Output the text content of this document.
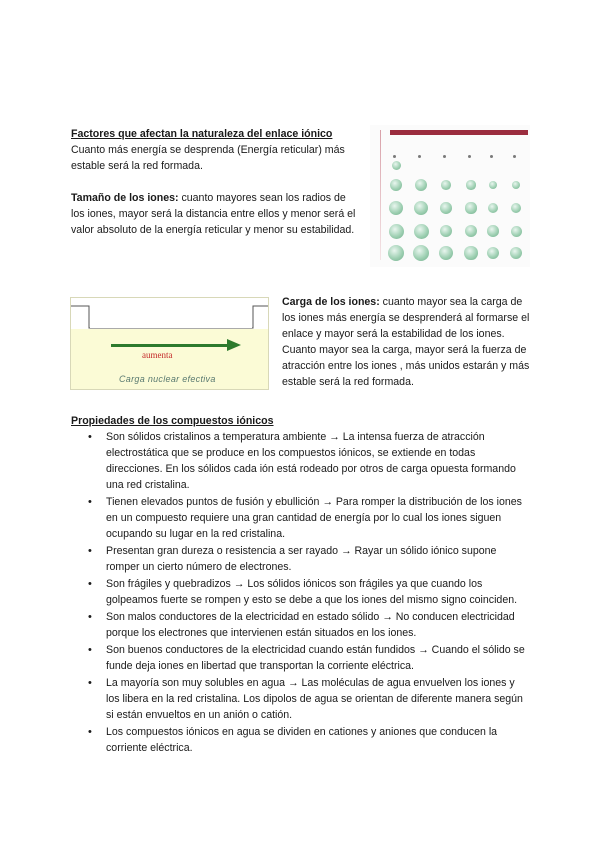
Factores que afectan la naturaleza del enlace iónico

Cuanto más energía se desprenda (Energía reticular) más estable será la red formada.

Tamaño de los iones: cuanto mayores sean los radios de los iones, mayor será la distancia entre ellos y menor será el valor absoluto de la energía reticular y menor su estabilidad.

aumenta
Carga nuclear efectiva

Carga de los iones: cuanto mayor sea la carga de los iones más energía se desprenderá al formarse el enlace y mayor será la estabilidad de los iones. Cuanto mayor sea la carga, mayor será la fuerza de atracción entre los iones , más unidos estarán y más estable será la red formada.

Propiedades de los compuestos iónicos

• Son sólidos cristalinos a temperatura ambiente → La intensa fuerza de atracción electrostática que se produce en los compuestos iónicos, se extiende en todas direcciones. En los sólidos cada ión está rodeado por otros de carga opuesta formando una red cristalina.
• Tienen elevados puntos de fusión y ebullición → Para romper la distribución de los iones en un compuesto requiere una gran cantidad de energía por lo cual los iones siguen ocupando su lugar en la red cristalina.
• Presentan gran dureza o resistencia a ser rayado → Rayar un sólido iónico supone romper un cierto número de electrones.
• Son frágiles y quebradizos → Los sólidos iónicos son frágiles ya que cuando los golpeamos fuerte se rompen y esto se debe a que los iones del mismo signo coinciden.
• Son malos conductores de la electricidad en estado sólido → No conducen electricidad porque los electrones que intervienen están situados en los iones.
• Son buenos conductores de la electricidad cuando están fundidos → Cuando el sólido se funde deja iones en libertad que transportan la corriente eléctrica.
• La mayoría son muy solubles en agua → Las moléculas de agua envuelven los iones y los libera en la red cristalina. Los dipolos de agua se orientan de diferente manera según si están envueltos en un anión o catión.
• Los compuestos iónicos en agua se dividen en cationes y aniones que conducen la corriente eléctrica.
